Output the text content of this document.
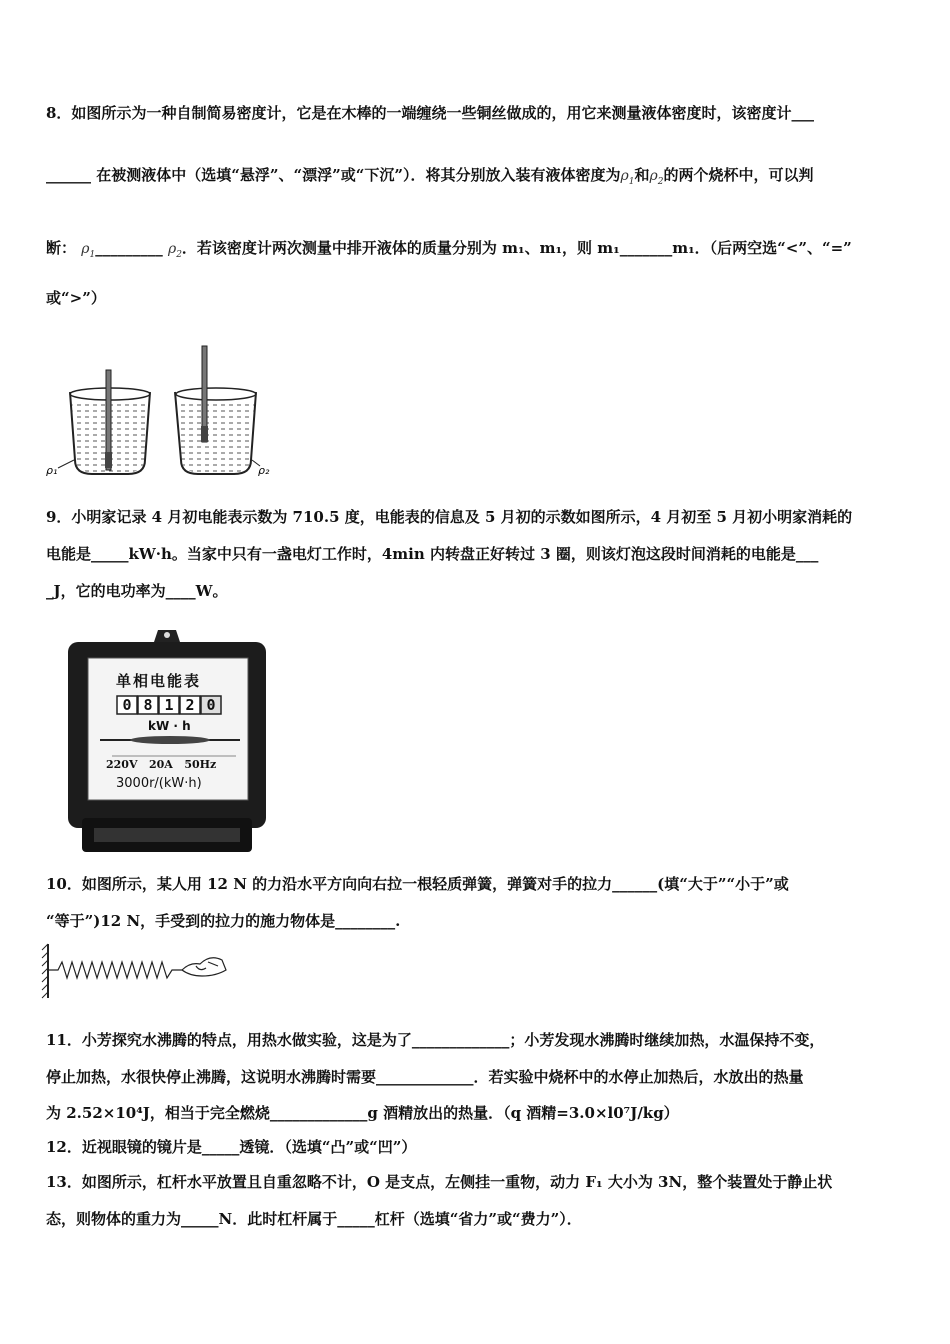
8．如图所示为一种自制简易密度计，它是在木棒的一端缠绕一些铜丝做成的，用它来测量液体密度时，该密度计___
______ 在被测液体中（选填“悬浮”、“漂浮”或“下沉”）．将其分别放入装有液体密度为$\rho_1$和$\rho_2$的两个烧杯中，可以判
断： $\rho_1\_\_\_\_\_\_\_\_\_$ $\rho_2$．若该密度计两次测量中排开液体的质量分别为 m₁、m₁，则 m₁_______m₁．（后两空选“<”、“=”
或“>”）
ρ₁	ρ₂
9．小明家记录 4 月初电能表示数为 710.5 度，电能表的信息及 5 月初的示数如图所示，4 月初至 5 月初小明家消耗的
电能是_____kW·h。当家中只有一盏电灯工作时，4min 内转盘正好转过 3 圈，则该灯泡这段时间消耗的电能是___
_J，它的电功率为____W。
单相电能表
0 8 1 2 0
kW · h
220V   20A   50Hz
3000r/(kW·h)
10．如图所示，某人用 12 N 的力沿水平方向向右拉一根轻质弹簧，弹簧对手的拉力______(填“大于”“小于”或
“等于”)12 N，手受到的拉力的施力物体是________.
11．小芳探究水沸腾的特点，用热水做实验，这是为了_____________；小芳发现水沸腾时继续加热，水温保持不变，
停止加热，水很快停止沸腾，这说明水沸腾时需要_____________．若实验中烧杯中的水停止加热后，水放出的热量
为 2.52×10⁴J，相当于完全燃烧_____________g 酒精放出的热量．（q 酒精=3.0×l0⁷J/kg）
12．近视眼镜的镜片是_____透镜．（选填“凸”或“凹”）
13．如图所示，杠杆水平放置且自重忽略不计，O 是支点，左侧挂一重物，动力 F₁ 大小为 3N，整个装置处于静止状
态，则物体的重力为_____N．此时杠杆属于_____杠杆（选填“省力”或“费力”）．
